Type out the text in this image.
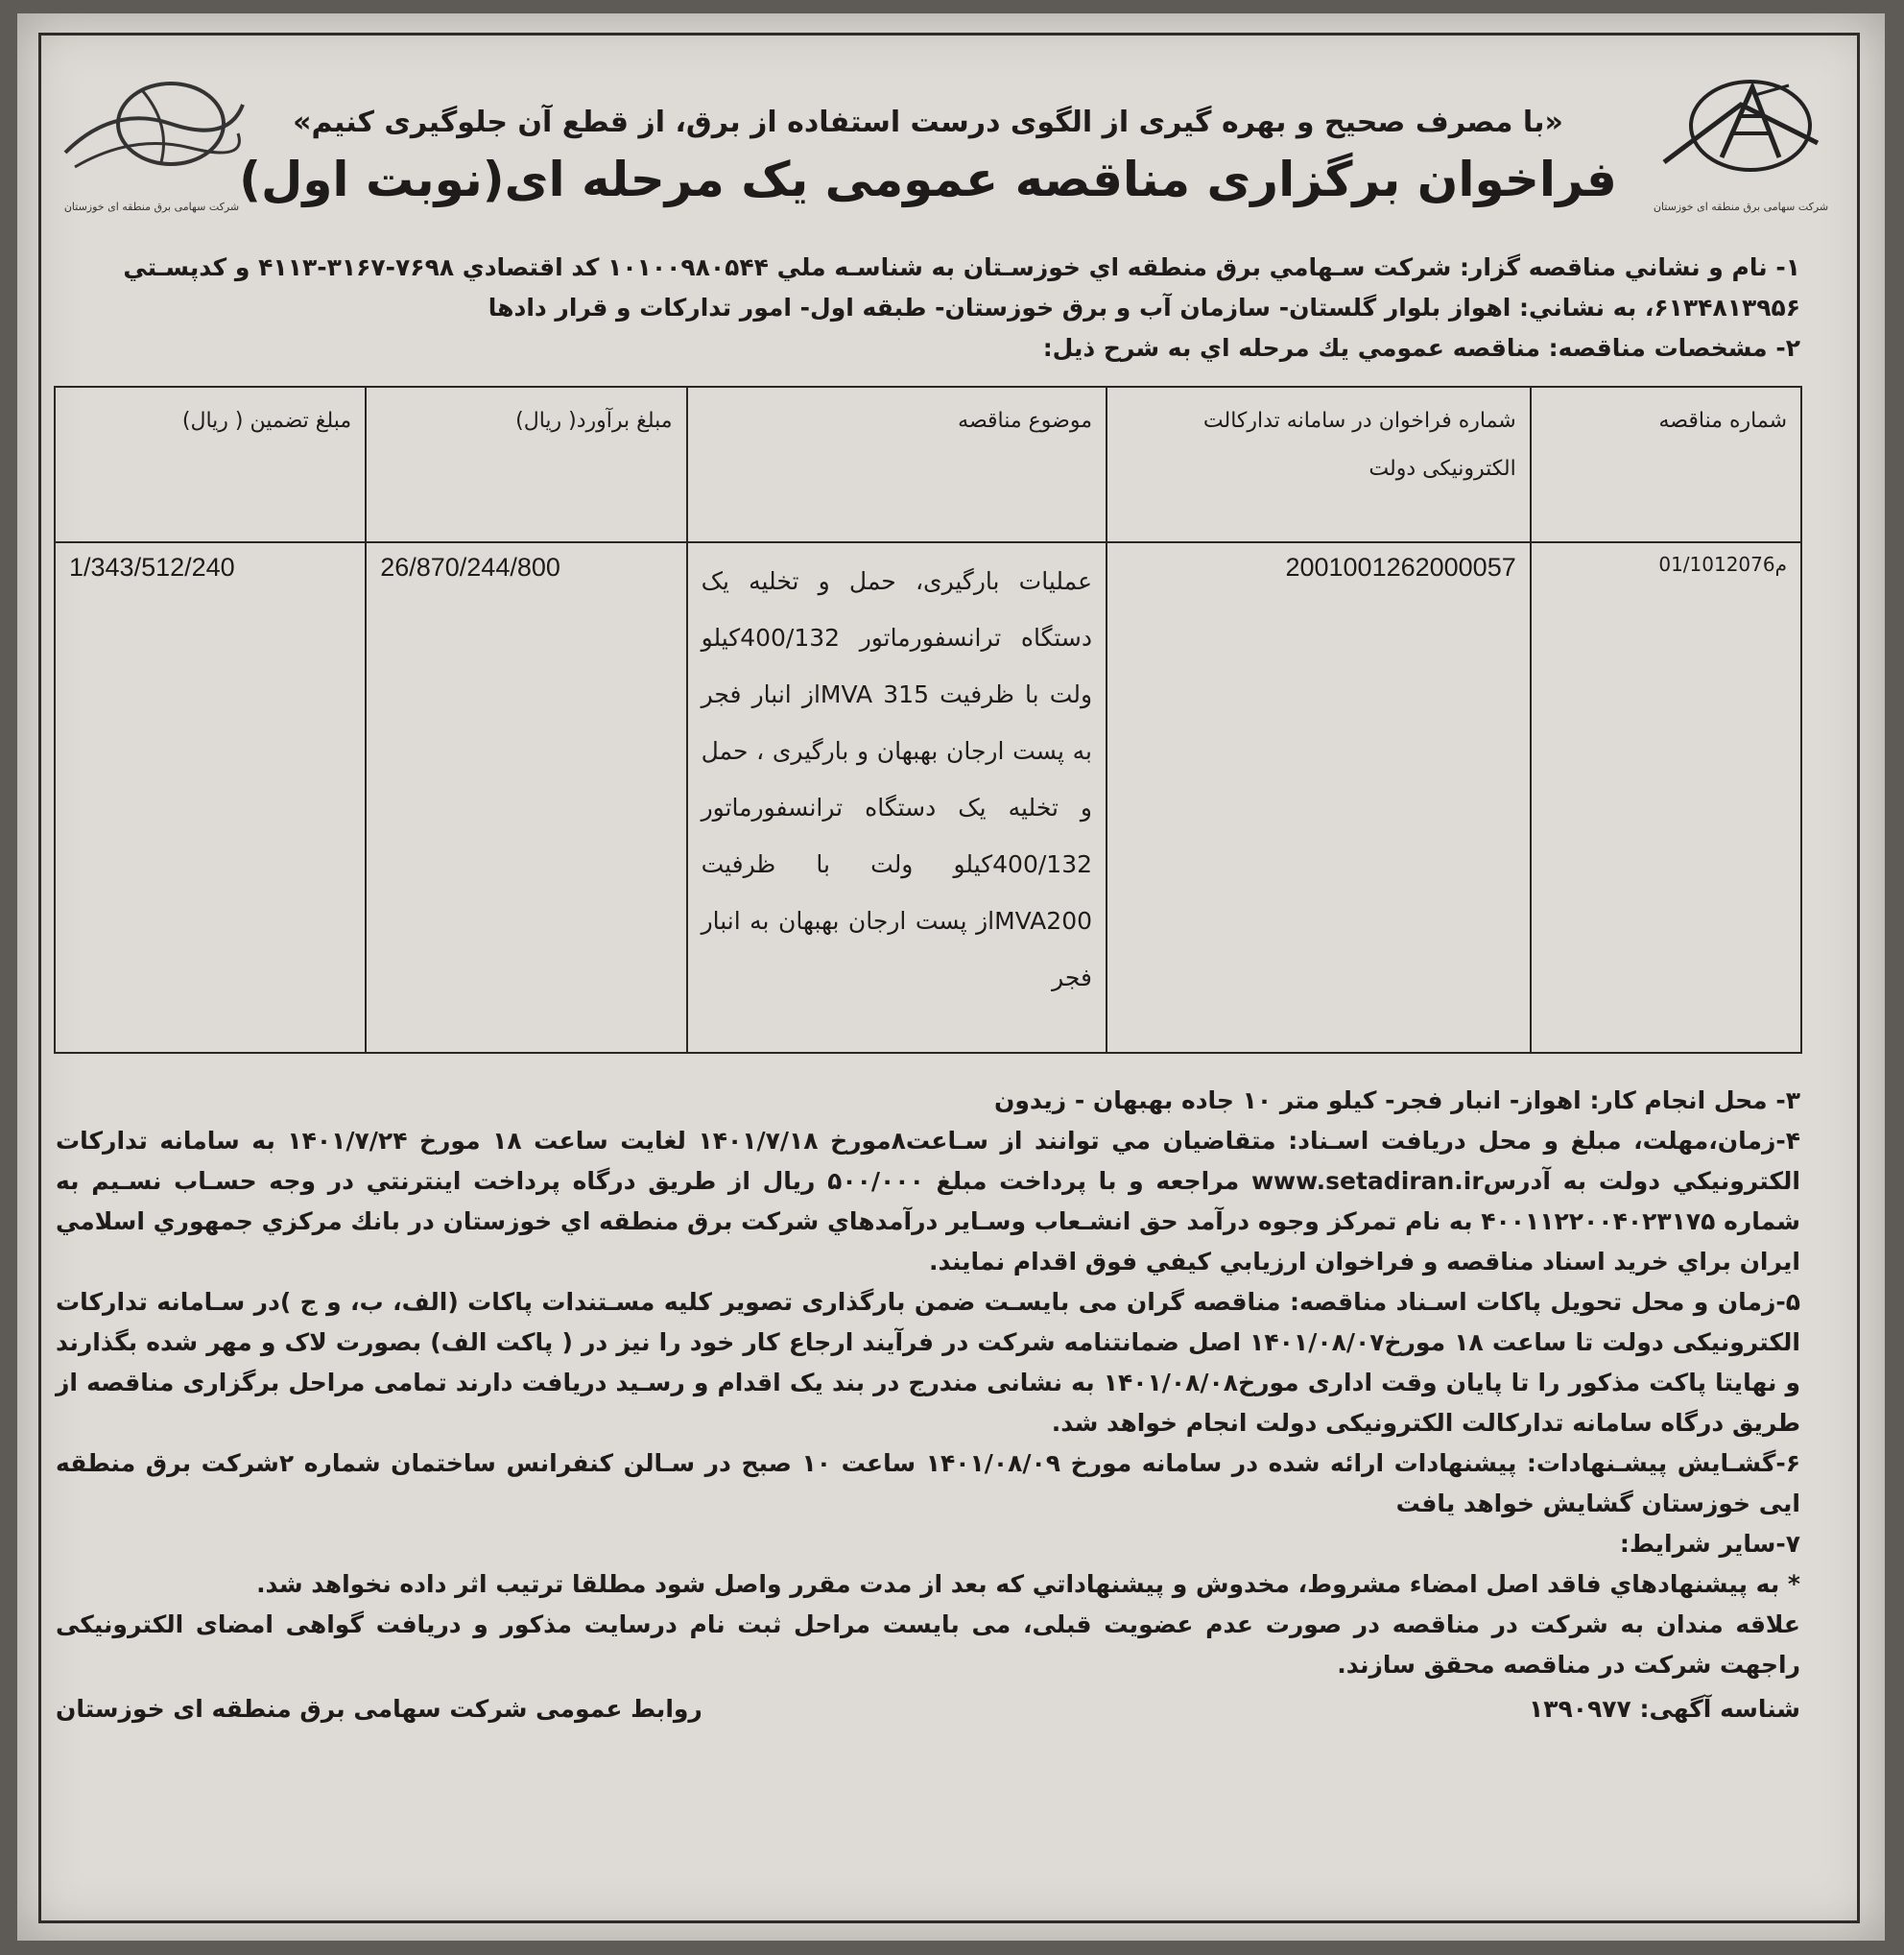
شرکت سهامی برق منطقه ای خوزستان
شرکت سهامی برق منطقه ای خوزستان
«با مصرف صحیح و بهره گیری از الگوی درست استفاده از برق، از قطع آن جلوگیری کنیم»
فراخوان برگزاری مناقصه عمومی یک مرحله ای(نوبت اول)
۱- نام و نشاني مناقصه گزار: شركت سـهامي برق منطقه اي خوزسـتان به شناسـه ملي ۱۰۱۰۰۹۸۰۵۴۴ كد اقتصادي ۷۶۹۸-۳۱۶۷-۴۱۱۳ و كدپسـتي
۶۱۳۴۸۱۳۹۵۶، به نشاني: اهواز بلوار گلستان- سازمان آب و برق خوزستان- طبقه اول- امور تداركات و قرار دادها
۲- مشخصات مناقصه: مناقصه عمومي يك مرحله اي به شرح ذيل:
شماره مناقصه	شماره فراخوان در سامانه تداركالت الكترونيكی دولت	موضوع مناقصه	مبلغ برآورد( ريال)	مبلغ تضمين ( ريال)
م01/1012076	2001001262000057	عمليات بارگيری، حمل و تخليه يک دستگاه ترانسفورماتور 400/132كيلو ولت با ظرفيت MVA 315از انبار فجر به پست ارجان بهبهان و بارگيری ، حمل و تخليه يک دستگاه ترانسفورماتور 400/132كيلو ولت با ظرفيت MVA200از پست ارجان بهبهان به انبار فجر	26/870/244/800	1/343/512/240
۳- محل انجام كار: اهواز- انبار فجر- كيلو متر ۱۰ جاده بهبهان - زيدون
۴-زمان،مهلت، مبلغ و محل دريافت اسـناد: متقاضيان مي توانند از سـاعت۸مورخ ۱۴۰۱/۷/۱۸ لغايت ساعت ۱۸ مورخ ۱۴۰۱/۷/۲۴ به سامانه تداركات الكترونيكي دولت به آدرسwww.setadiran.ir مراجعه و با پرداخت مبلغ ۵۰۰/۰۰۰ ريال از طريق درگاه پرداخت اينترنتي در وجه حسـاب نسـيم به شماره ۴۰۰۱۱۲۲۰۰۴۰۲۳۱۷۵ به نام تمركز وجوه درآمد حق انشـعاب وسـاير درآمدهاي شركت برق منطقه اي خوزستان در بانك مركزي جمهوري اسلامي ايران براي خريد اسناد مناقصه و فراخوان ارزيابي كيفي فوق اقدام نمايند.
۵-زمان و محل تحويل پاكات اسـناد مناقصه: مناقصه گران می بايسـت ضمن بارگذاری تصوير كليه مسـتندات پاكات (الف، ب، و ج )در سـامانه تداركات الكترونيكی دولت تا ساعت ۱۸ مورخ۱۴۰۱/۰۸/۰۷ اصل ضمانتنامه شركت در فرآيند ارجاع كار خود را نيز در ( پاكت الف) بصورت لاک و مهر شده بگذارند و نهايتا پاكت مذكور را تا پايان وقت اداری مورخ۱۴۰۱/۰۸/۰۸ به نشانی مندرج در بند يک اقدام و رسـيد دريافت دارند تمامی مراحل برگزاری مناقصه از طريق درگاه سامانه تداركالت الكترونيكی دولت انجام خواهد شد.
۶-گشـايش پيشـنهادات: پيشنهادات ارائه شده در سامانه مورخ ۱۴۰۱/۰۸/۰۹ ساعت ۱۰ صبح در سـالن كنفرانس ساختمان شماره ۲شركت برق منطقه ايی خوزستان گشايش خواهد يافت
۷-ساير شرايط:
* به پيشنهادهاي فاقد اصل امضاء مشروط، مخدوش و پيشنهاداتي كه بعد از مدت مقرر واصل شود مطلقا ترتيب اثر داده نخواهد شد.
علاقه مندان به شركت در مناقصه در صورت عدم عضويت قبلی، می بايست مراحل ثبت نام درسايت مذكور و دريافت گواهی امضای الكترونيكی راجهت شركت در مناقصه محقق سازند.
شناسه آگهی: ۱۳۹۰۹۷۷
روابط عمومی شركت سهامی برق منطقه ای خوزستان
